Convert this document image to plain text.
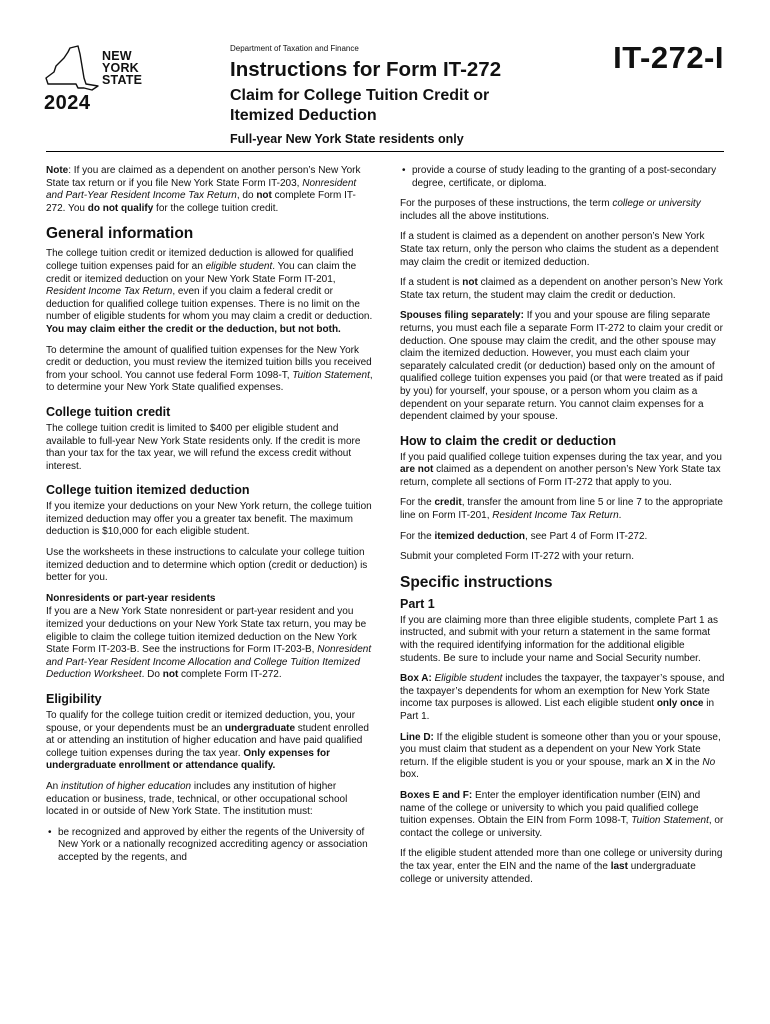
NEW
YORK
STATE
2024
Department of Taxation and Finance
Instructions for Form IT-272
Claim for College Tuition Credit or
Itemized Deduction
Full-year New York State residents only
IT-272-I

Note: If you are claimed as a dependent on another person’s New York State tax return or if you file New York State Form IT-203, Nonresident and Part-Year Resident Income Tax Return, do not complete Form IT-272. You do not qualify for the college tuition credit.

General information

The college tuition credit or itemized deduction is allowed for qualified college tuition expenses paid for an eligible student. You can claim the credit or itemized deduction on your New York State Form IT-201, Resident Income Tax Return, even if you claim a federal credit or deduction for qualified college tuition expenses. There is no limit on the number of eligible students for whom you may claim a credit or deduction. You may claim either the credit or the deduction, but not both.

To determine the amount of qualified tuition expenses for the New York credit or deduction, you must review the itemized tuition bills you received from your school. You cannot use federal Form 1098-T, Tuition Statement, to determine your New York State qualified expenses.

College tuition credit

The college tuition credit is limited to $400 per eligible student and available to full-year New York State residents only. If the credit is more than your tax for the tax year, we will refund the excess credit without interest.

College tuition itemized deduction

If you itemize your deductions on your New York return, the college tuition itemized deduction may offer you a greater tax benefit. The maximum deduction is $10,000 for each eligible student.

Use the worksheets in these instructions to calculate your college tuition itemized deduction and to determine which option (credit or deduction) is better for you.

Nonresidents or part-year residents

If you are a New York State nonresident or part-year resident and you itemized your deductions on your New York State tax return, you may be eligible to claim the college tuition itemized deduction on the New York State Form IT-203-B. See the instructions for Form IT-203-B, Nonresident and Part-Year Resident Income Allocation and College Tuition Itemized Deduction Worksheet. Do not complete Form IT-272.

Eligibility

To qualify for the college tuition credit or itemized deduction, you, your spouse, or your dependents must be an undergraduate student enrolled at or attending an institution of higher education and have paid qualified college tuition expenses during the tax year. Only expenses for undergraduate enrollment or attendance qualify.

An institution of higher education includes any institution of higher education or business, trade, technical, or other occupational school located in or outside of New York State. The institution must:

• be recognized and approved by either the regents of the University of New York or a nationally recognized accrediting agency or association accepted by the regents, and
• provide a course of study leading to the granting of a post-secondary degree, certificate, or diploma.

For the purposes of these instructions, the term college or university includes all the above institutions.

If a student is claimed as a dependent on another person’s New York State tax return, only the person who claims the student as a dependent may claim the credit or itemized deduction.

If a student is not claimed as a dependent on another person’s New York State tax return, the student may claim the credit or deduction.

Spouses filing separately: If you and your spouse are filing separate returns, you must each file a separate Form IT-272 to claim your credit or deduction. One spouse may claim the credit, and the other spouse may claim the itemized deduction. However, you must each claim your separately calculated credit (or deduction) based only on the amount of qualified college tuition expenses you paid (or that were treated as if paid by you) for yourself, your spouse, or a person whom you claim as a dependent on your separate return. You cannot claim expenses for a dependent claimed by your spouse.

How to claim the credit or deduction

If you paid qualified college tuition expenses during the tax year, and you are not claimed as a dependent on another person’s New York State tax return, complete all sections of Form IT-272 that apply to you.

For the credit, transfer the amount from line 5 or line 7 to the appropriate line on Form IT-201, Resident Income Tax Return.

For the itemized deduction, see Part 4 of Form IT-272.

Submit your completed Form IT-272 with your return.

Specific instructions
Part 1

If you are claiming more than three eligible students, complete Part 1 as instructed, and submit with your return a statement in the same format with the required identifying information for the additional eligible students. Be sure to include your name and Social Security number.

Box A: Eligible student includes the taxpayer, the taxpayer’s spouse, and the taxpayer’s dependents for whom an exemption for New York State income tax purposes is allowed. List each eligible student only once in Part 1.

Line D: If the eligible student is someone other than you or your spouse, you must claim that student as a dependent on your New York State return. If the eligible student is you or your spouse, mark an X in the No box.

Boxes E and F: Enter the employer identification number (EIN) and name of the college or university to which you paid qualified college tuition expenses. Obtain the EIN from Form 1098-T, Tuition Statement, or contact the college or university.

If the eligible student attended more than one college or university during the tax year, enter the EIN and the name of the last undergraduate college or university attended.
